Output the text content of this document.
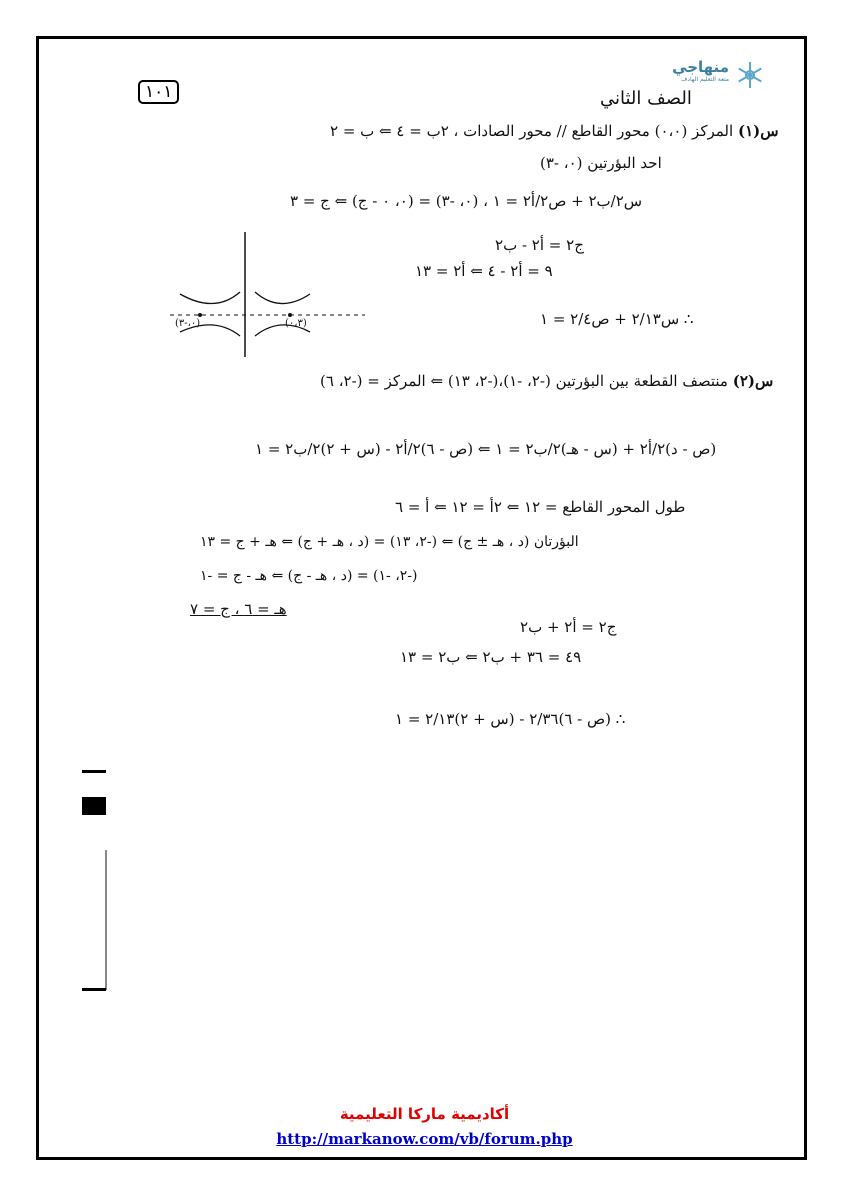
١٠١
منهاجي
متعة التعليم الهادف
الصف الثاني
س(١) المركز (٠،٠) محور القاطع // محور الصادات ، ٢ب = ٤ ⇐ ب = ٢
احد البؤرتين (٠، -٣)
س٢/ب٢ + ص٢/أ٢ = ١ ، (٠، -٣) = (٠، ٠ - ج) ⇐ ج = ٣
ج٢ = أ٢ - ب٢
٩ = أ٢ - ٤ ⇐ أ٢ = ١٣
∴ س٢/١٣ + ص٢/٤ = ١
(٠،-٣)	(٠،٣)
س(٢) منتصف القطعة بين البؤرتين (-٢، -١)،(-٢، ١٣) ⇐ المركز = (-٢، ٦)
(ص - د)٢/أ٢ + (س - هـ)٢/ب٢ = ١ ⇐ (ص - ٦)٢/أ٢ - (س + ٢)٢/ب٢ = ١
طول المحور القاطع = ١٢ ⇐ ٢أ = ١٢ ⇐ أ = ٦
البؤرتان (د ، هـ ± ج) ⇐ (-٢، ١٣) = (د ، هـ + ج) ⇐ هـ + ج = ١٣
(-٢، -١) = (د ، هـ - ج) ⇐ هـ - ج = -١
هـ = ٦ ، ج = ٧
ج٢ = أ٢ + ب٢
٤٩ = ٣٦ + ب٢ ⇐ ب٢ = ١٣
∴ (ص - ٦)٢/٣٦ - (س + ٢)٢/١٣ = ١
أكاديمية ماركا التعليمية
http://markanow.com/vb/forum.php
